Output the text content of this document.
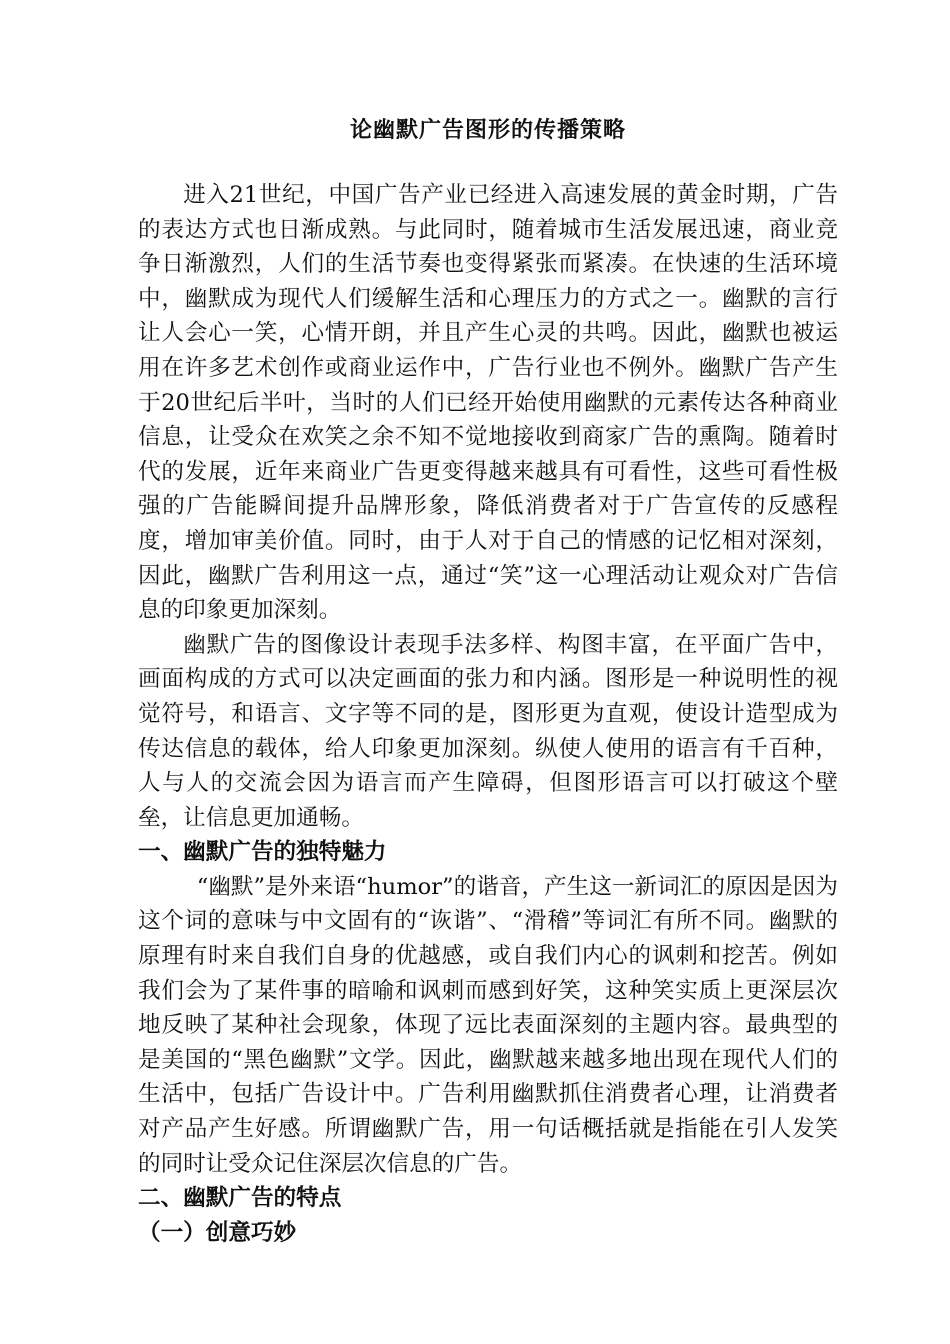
论幽默广告图形的传播策略

进入21世纪，中国广告产业已经进入高速发展的黄金时期，广告的表达方式也日渐成熟。与此同时，随着城市生活发展迅速，商业竞争日渐激烈，人们的生活节奏也变得紧张而紧凑。在快速的生活环境中，幽默成为现代人们缓解生活和心理压力的方式之一。幽默的言行让人会心一笑，心情开朗，并且产生心灵的共鸣。因此，幽默也被运用在许多艺术创作或商业运作中，广告行业也不例外。幽默广告产生于20世纪后半叶，当时的人们已经开始使用幽默的元素传达各种商业信息，让受众在欢笑之余不知不觉地接收到商家广告的熏陶。随着时代的发展，近年来商业广告更变得越来越具有可看性，这些可看性极强的广告能瞬间提升品牌形象，降低消费者对于广告宣传的反感程度，增加审美价值。同时，由于人对于自己的情感的记忆相对深刻，因此，幽默广告利用这一点，通过“笑”这一心理活动让观众对广告信息的印象更加深刻。

幽默广告的图像设计表现手法多样、构图丰富，在平面广告中，画面构成的方式可以决定画面的张力和内涵。图形是一种说明性的视觉符号，和语言、文字等不同的是，图形更为直观，使设计造型成为传达信息的载体，给人印象更加深刻。纵使人使用的语言有千百种，人与人的交流会因为语言而产生障碍，但图形语言可以打破这个壁垒，让信息更加通畅。

一、幽默广告的独特魅力

“幽默”是外来语“humor”的谐音，产生这一新词汇的原因是因为这个词的意味与中文固有的“诙谐”、“滑稽”等词汇有所不同。幽默的原理有时来自我们自身的优越感，或自我们内心的讽刺和挖苦。例如我们会为了某件事的暗喻和讽刺而感到好笑，这种笑实质上更深层次地反映了某种社会现象，体现了远比表面深刻的主题内容。最典型的是美国的“黑色幽默”文学。因此，幽默越来越多地出现在现代人们的生活中，包括广告设计中。广告利用幽默抓住消费者心理，让消费者对产品产生好感。所谓幽默广告，用一句话概括就是指能在引人发笑的同时让受众记住深层次信息的广告。

二、幽默广告的特点
（一）创意巧妙
